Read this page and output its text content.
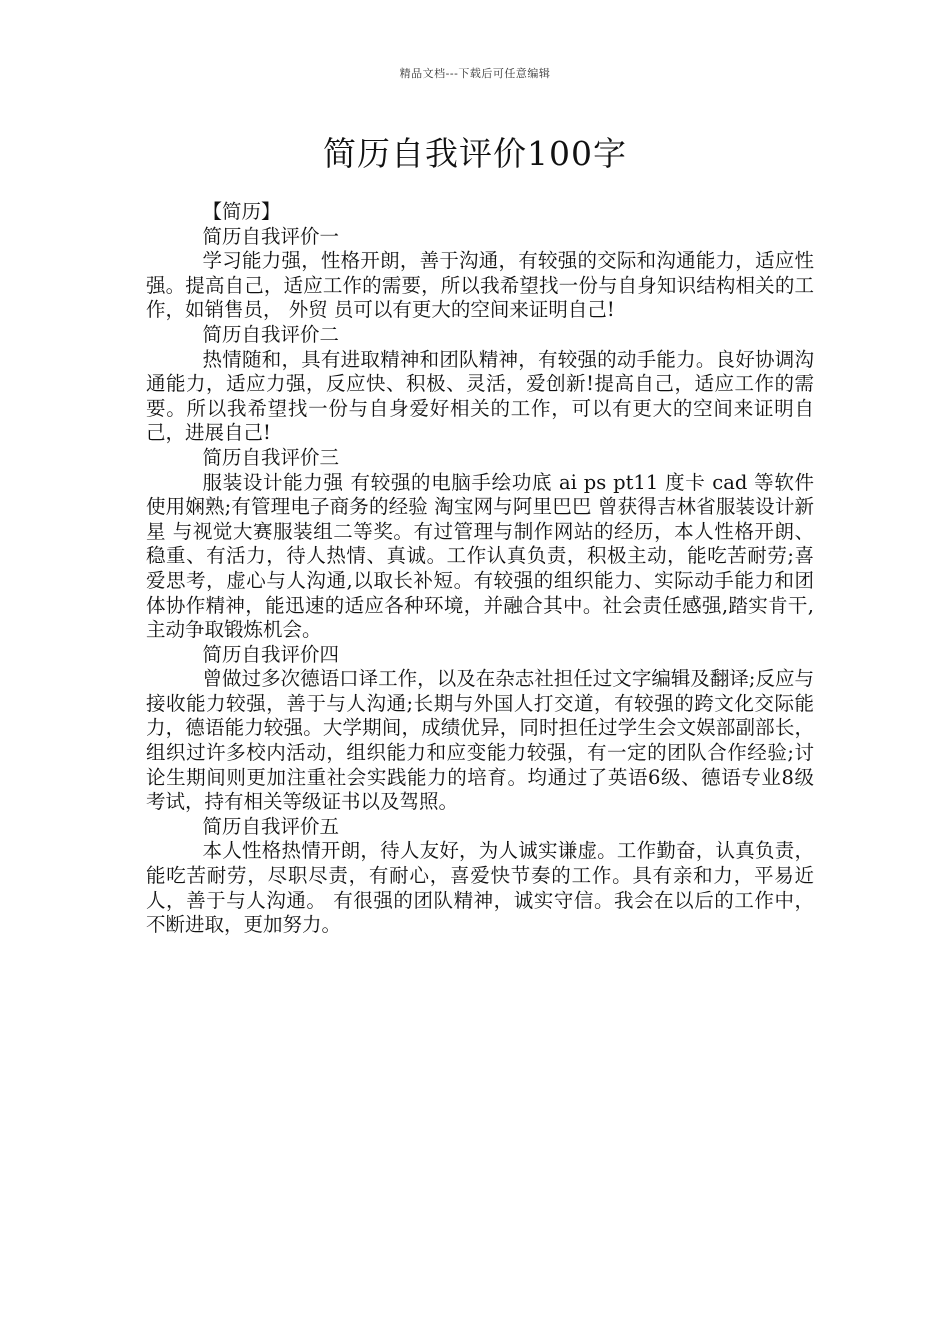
精品文档---下载后可任意编辑
简历自我评价100字

【简历】

简历自我评价一

学习能力强，性格开朗，善于沟通，有较强的交际和沟通能力，适应性强。提高自己，适应工作的需要，所以我希望找一份与自身知识结构相关的工作，如销售员， 外贸 员可以有更大的空间来证明自己!

简历自我评价二

热情随和，具有进取精神和团队精神，有较强的动手能力。良好协调沟通能力，适应力强，反应快、积极、灵活，爱创新!提高自己，适应工作的需要。所以我希望找一份与自身爱好相关的工作，可以有更大的空间来证明自己，进展自己!

简历自我评价三

服装设计能力强 有较强的电脑手绘功底 ai ps pt11 度卡 cad 等软件使用娴熟;有管理电子商务的经验 淘宝网与阿里巴巴 曾获得吉林省服装设计新星 与视觉大赛服装组二等奖。有过管理与制作网站的经历，本人性格开朗、稳重、有活力，待人热情、真诚。工作认真负责，积极主动，能吃苦耐劳;喜爱思考，虚心与人沟通,以取长补短。有较强的组织能力、实际动手能力和团体协作精神，能迅速的适应各种环境，并融合其中。社会责任感强,踏实肯干,主动争取锻炼机会。

简历自我评价四

曾做过多次德语口译工作，以及在杂志社担任过文字编辑及翻译;反应与接收能力较强，善于与人沟通;长期与外国人打交道，有较强的跨文化交际能力，德语能力较强。大学期间，成绩优异，同时担任过学生会文娱部副部长，组织过许多校内活动，组织能力和应变能力较强，有一定的团队合作经验;讨论生期间则更加注重社会实践能力的培育。均通过了英语6级、德语专业8级考试，持有相关等级证书以及驾照。

简历自我评价五

本人性格热情开朗，待人友好，为人诚实谦虚。工作勤奋，认真负责，能吃苦耐劳，尽职尽责，有耐心，喜爱快节奏的工作。具有亲和力，平易近人，善于与人沟通。 有很强的团队精神，诚实守信。我会在以后的工作中，不断进取，更加努力。
